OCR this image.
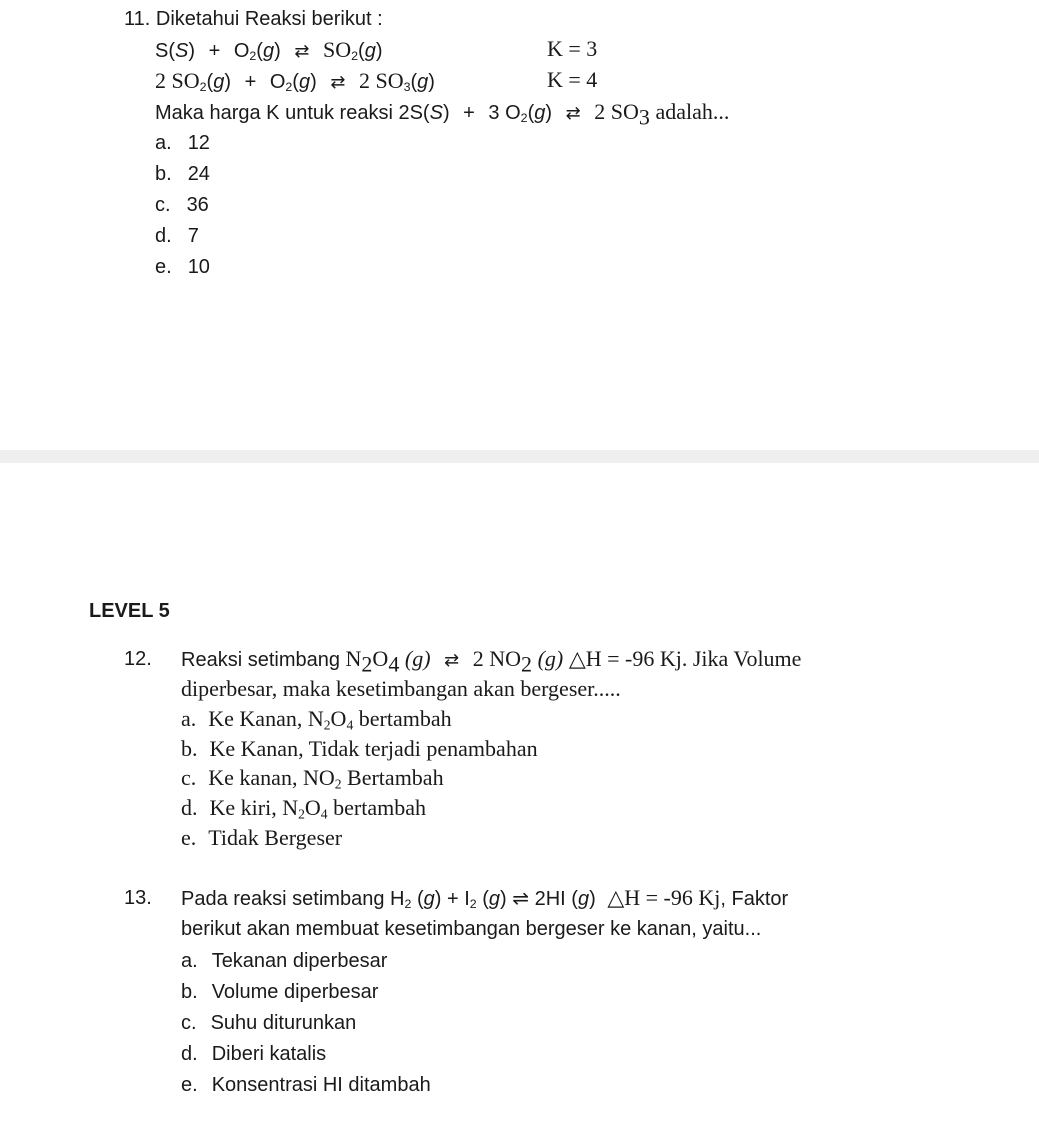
11. Diketahui Reaksi berikut :
$S(S) + O_2(g)$ ⇄ $SO_2(g)$	K = 3
2 $SO_2(g) + O_2(g)$ ⇄ 2 $SO_3(g)$	K = 4
Maka harga K untuk reaksi 2S(S) + 3 $O_2(g)$ ⇄ 2 $SO_3$ adalah...
a. 12
b. 24
c. 36
d. 7
e. 10
LEVEL 5
12. Reaksi setimbang $N_2O_4$ (g) ⇄ 2 $NO_2$ (g) △H = -96 Kj. Jika Volume
diperbesar, maka kesetimbangan akan bergeser.....
a. Ke Kanan, $N_2O_4$ bertambah
b. Ke Kanan, Tidak terjadi penambahan
c. Ke kanan, $NO_2$ Bertambah
d. Ke kiri, $N_2O_4$ bertambah
e. Tidak Bergeser
13. Pada reaksi setimbang $H_2$ $(g) + I_2$ (g) ⇌ 2HI (g) △H = -96 Kj, Faktor
berikut akan membuat kesetimbangan bergeser ke kanan, yaitu...
a. Tekanan diperbesar
b. Volume diperbesar
c. Suhu diturunkan
d. Diberi katalis
e. Konsentrasi HI ditambah
